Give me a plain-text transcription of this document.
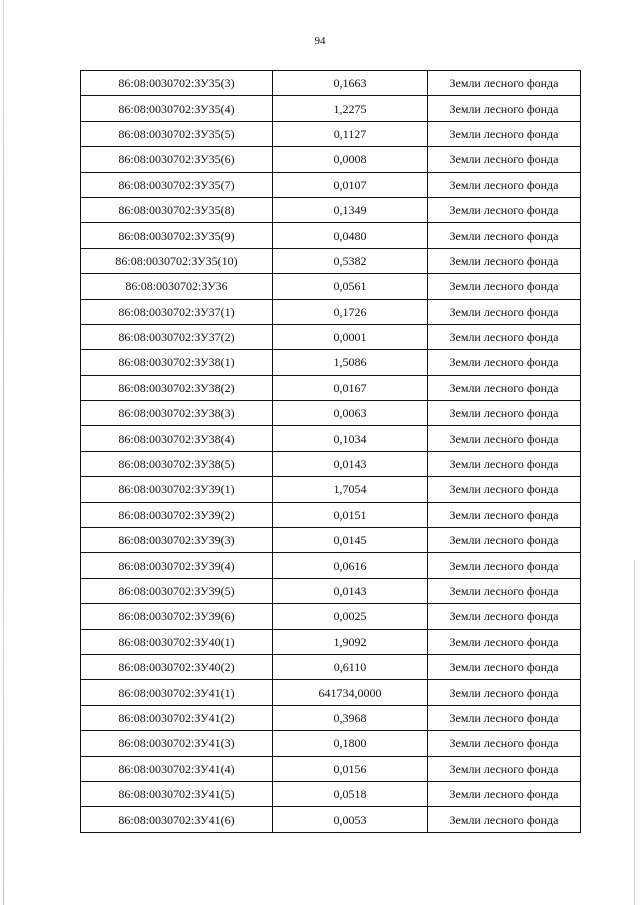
94
86:08:0030702:ЗУ35(3)	0,1663	Земли лесного фонда
86:08:0030702:ЗУ35(4)	1,2275	Земли лесного фонда
86:08:0030702:ЗУ35(5)	0,1127	Земли лесного фонда
86:08:0030702:ЗУ35(6)	0,0008	Земли лесного фонда
86:08:0030702:ЗУ35(7)	0,0107	Земли лесного фонда
86:08:0030702:ЗУ35(8)	0,1349	Земли лесного фонда
86:08:0030702:ЗУ35(9)	0,0480	Земли лесного фонда
86:08:0030702:ЗУ35(10)	0,5382	Земли лесного фонда
86:08:0030702:ЗУ36	0,0561	Земли лесного фонда
86:08:0030702:ЗУ37(1)	0,1726	Земли лесного фонда
86:08:0030702:ЗУ37(2)	0,0001	Земли лесного фонда
86:08:0030702:ЗУ38(1)	1,5086	Земли лесного фонда
86:08:0030702:ЗУ38(2)	0,0167	Земли лесного фонда
86:08:0030702:ЗУ38(3)	0,0063	Земли лесного фонда
86:08:0030702:ЗУ38(4)	0,1034	Земли лесного фонда
86:08:0030702:ЗУ38(5)	0,0143	Земли лесного фонда
86:08:0030702:ЗУ39(1)	1,7054	Земли лесного фонда
86:08:0030702:ЗУ39(2)	0,0151	Земли лесного фонда
86:08:0030702:ЗУ39(3)	0,0145	Земли лесного фонда
86:08:0030702:ЗУ39(4)	0,0616	Земли лесного фонда
86:08:0030702:ЗУ39(5)	0,0143	Земли лесного фонда
86:08:0030702:ЗУ39(6)	0,0025	Земли лесного фонда
86:08:0030702:ЗУ40(1)	1,9092	Земли лесного фонда
86:08:0030702:ЗУ40(2)	0,6110	Земли лесного фонда
86:08:0030702:ЗУ41(1)	641734,0000	Земли лесного фонда
86:08:0030702:ЗУ41(2)	0,3968	Земли лесного фонда
86:08:0030702:ЗУ41(3)	0,1800	Земли лесного фонда
86:08:0030702:ЗУ41(4)	0,0156	Земли лесного фонда
86:08:0030702:ЗУ41(5)	0,0518	Земли лесного фонда
86:08:0030702:ЗУ41(6)	0,0053	Земли лесного фонда
